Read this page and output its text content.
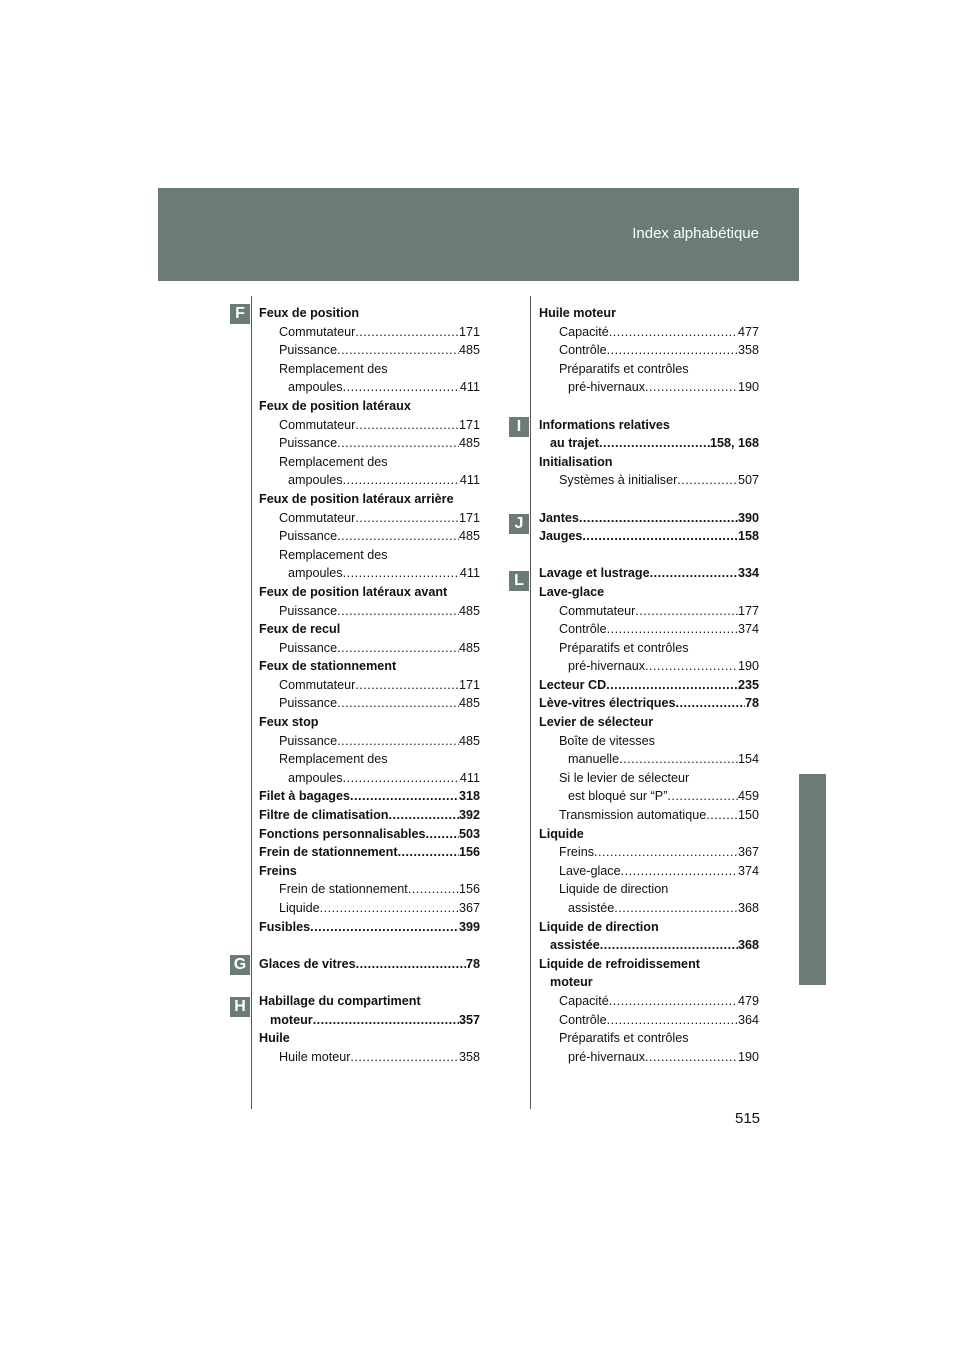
Index alphabétique
F
G
H
I
J
L
Feux de position
Commutateur .....	171
Puissance .....	485
Remplacement des
ampoules .....	411
Feux de position latéraux
Commutateur .....	171
Puissance .....	485
Remplacement des
ampoules .....	411
Feux de position latéraux arrière
Commutateur .....	171
Puissance .....	485
Remplacement des
ampoules .....	411
Feux de position latéraux avant
Puissance .....	485
Feux de recul
Puissance .....	485
Feux de stationnement
Commutateur .....	171
Puissance .....	485
Feux stop
Puissance .....	485
Remplacement des
ampoules .....	411
Filet à bagages .....	318
Filtre de climatisation .....	392
Fonctions personnalisables .....	503
Frein de stationnement .....	156
Freins
Frein de stationnement .....	156
Liquide .....	367
Fusibles .....	399
Glaces de vitres .....	78
Habillage du compartiment
moteur .....	357
Huile
Huile moteur .....	358
Huile moteur
Capacité .....	477
Contrôle .....	358
Préparatifs et contrôles
pré-hivernaux .....	190
Informations relatives
au trajet .....	158, 168
Initialisation
Systèmes à initialiser .....	507
Jantes .....	390
Jauges .....	158
Lavage et lustrage .....	334
Lave-glace
Commutateur .....	177
Contrôle .....	374
Préparatifs et contrôles
pré-hivernaux .....	190
Lecteur CD .....	235
Lève-vitres électriques .....	78
Levier de sélecteur
Boîte de vitesses
manuelle .....	154
Si le levier de sélecteur
est bloqué sur “P” .....	459
Transmission automatique .....	150
Liquide
Freins .....	367
Lave-glace .....	374
Liquide de direction
assistée .....	368
Liquide de direction
assistée .....	368
Liquide de refroidissement
moteur
Capacité .....	479
Contrôle .....	364
Préparatifs et contrôles
pré-hivernaux .....	190
515
